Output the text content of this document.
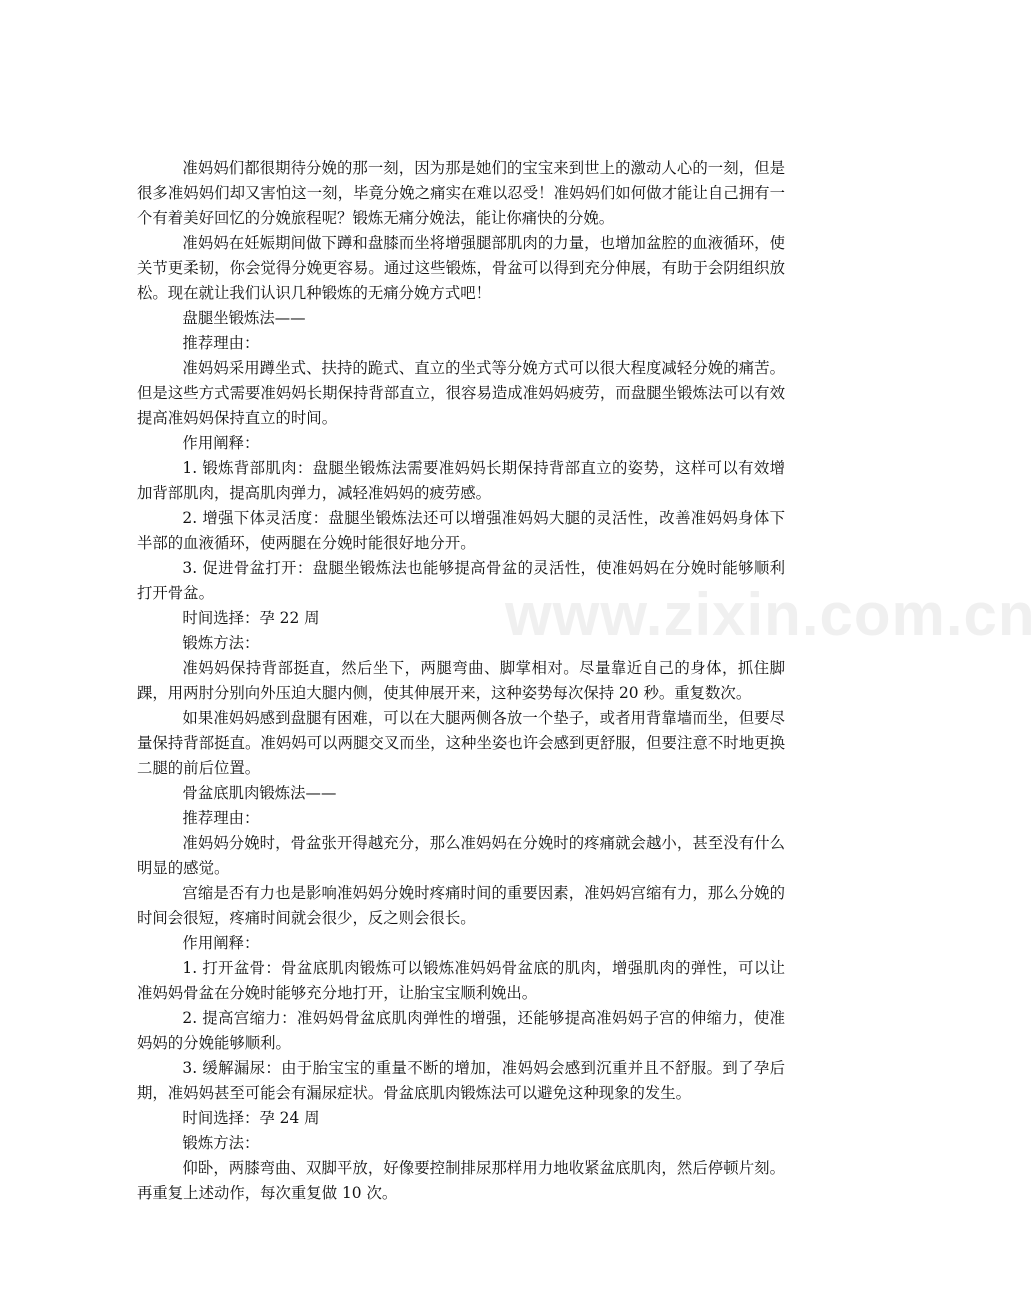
www.zixin.com.cn

准妈妈们都很期待分娩的那一刻，因为那是她们的宝宝来到世上的激动人心的一刻，但是很多准妈妈们却又害怕这一刻，毕竟分娩之痛实在难以忍受！准妈妈们如何做才能让自己拥有一个有着美好回忆的分娩旅程呢？锻炼无痛分娩法，能让你痛快的分娩。

准妈妈在妊娠期间做下蹲和盘膝而坐将增强腿部肌肉的力量，也增加盆腔的血液循环，使关节更柔韧，你会觉得分娩更容易。通过这些锻炼，骨盆可以得到充分伸展，有助于会阴组织放松。现在就让我们认识几种锻炼的无痛分娩方式吧！

盘腿坐锻炼法——

推荐理由：

准妈妈采用蹲坐式、扶持的跪式、直立的坐式等分娩方式可以很大程度减轻分娩的痛苦。但是这些方式需要准妈妈长期保持背部直立，很容易造成准妈妈疲劳，而盘腿坐锻炼法可以有效提高准妈妈保持直立的时间。

作用阐释：

1. 锻炼背部肌肉：盘腿坐锻炼法需要准妈妈长期保持背部直立的姿势，这样可以有效增加背部肌肉，提高肌肉弹力，减轻准妈妈的疲劳感。

2. 增强下体灵活度：盘腿坐锻炼法还可以增强准妈妈大腿的灵活性，改善准妈妈身体下半部的血液循环，使两腿在分娩时能很好地分开。

3. 促进骨盆打开：盘腿坐锻炼法也能够提高骨盆的灵活性，使准妈妈在分娩时能够顺利打开骨盆。

时间选择：孕 22 周

锻炼方法：

准妈妈保持背部挺直，然后坐下，两腿弯曲、脚掌相对。尽量靠近自己的身体，抓住脚踝，用两肘分别向外压迫大腿内侧，使其伸展开来，这种姿势每次保持 20 秒。重复数次。

如果准妈妈感到盘腿有困难，可以在大腿两侧各放一个垫子，或者用背靠墙而坐，但要尽量保持背部挺直。准妈妈可以两腿交叉而坐，这种坐姿也许会感到更舒服，但要注意不时地更换二腿的前后位置。

骨盆底肌肉锻炼法——

推荐理由：

准妈妈分娩时，骨盆张开得越充分，那么准妈妈在分娩时的疼痛就会越小，甚至没有什么明显的感觉。

宫缩是否有力也是影响准妈妈分娩时疼痛时间的重要因素，准妈妈宫缩有力，那么分娩的时间会很短，疼痛时间就会很少，反之则会很长。

作用阐释：

1. 打开盆骨：骨盆底肌肉锻炼可以锻炼准妈妈骨盆底的肌肉，增强肌肉的弹性，可以让准妈妈骨盆在分娩时能够充分地打开，让胎宝宝顺利娩出。

2. 提高宫缩力：准妈妈骨盆底肌肉弹性的增强，还能够提高准妈妈子宫的伸缩力，使准妈妈的分娩能够顺利。

3. 缓解漏尿：由于胎宝宝的重量不断的增加，准妈妈会感到沉重并且不舒服。到了孕后期，准妈妈甚至可能会有漏尿症状。骨盆底肌肉锻炼法可以避免这种现象的发生。

时间选择：孕 24 周

锻炼方法：

仰卧，两膝弯曲、双脚平放，好像要控制排尿那样用力地收紧盆底肌肉，然后停顿片刻。再重复上述动作，每次重复做 10 次。
